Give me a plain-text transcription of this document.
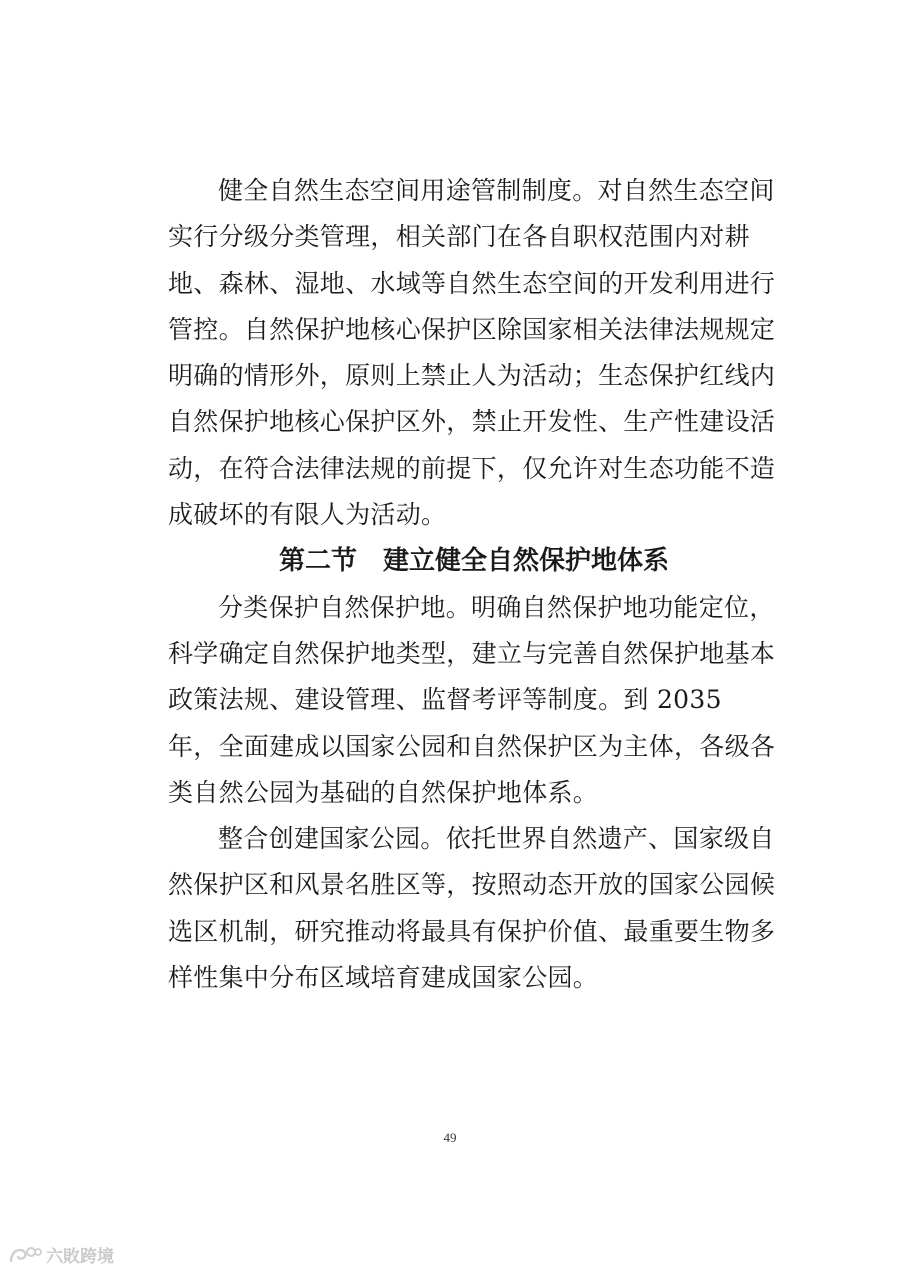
健全自然生态空间用途管制制度。对自然生态空间实行分级分类管理，相关部门在各自职权范围内对耕地、森林、湿地、水域等自然生态空间的开发利用进行管控。自然保护地核心保护区除国家相关法律法规规定明确的情形外，原则上禁止人为活动；生态保护红线内自然保护地核心保护区外，禁止开发性、生产性建设活动，在符合法律法规的前提下，仅允许对生态功能不造成破坏的有限人为活动。

第二节　建立健全自然保护地体系

分类保护自然保护地。明确自然保护地功能定位，科学确定自然保护地类型，建立与完善自然保护地基本政策法规、建设管理、监督考评等制度。到 2035 年，全面建成以国家公园和自然保护区为主体，各级各类自然公园为基础的自然保护地体系。

整合创建国家公园。依托世界自然遗产、国家级自然保护区和风景名胜区等，按照动态开放的国家公园候选区机制，研究推动将最具有保护价值、最重要生物多样性集中分布区域培育建成国家公园。

49
六敗跨境
